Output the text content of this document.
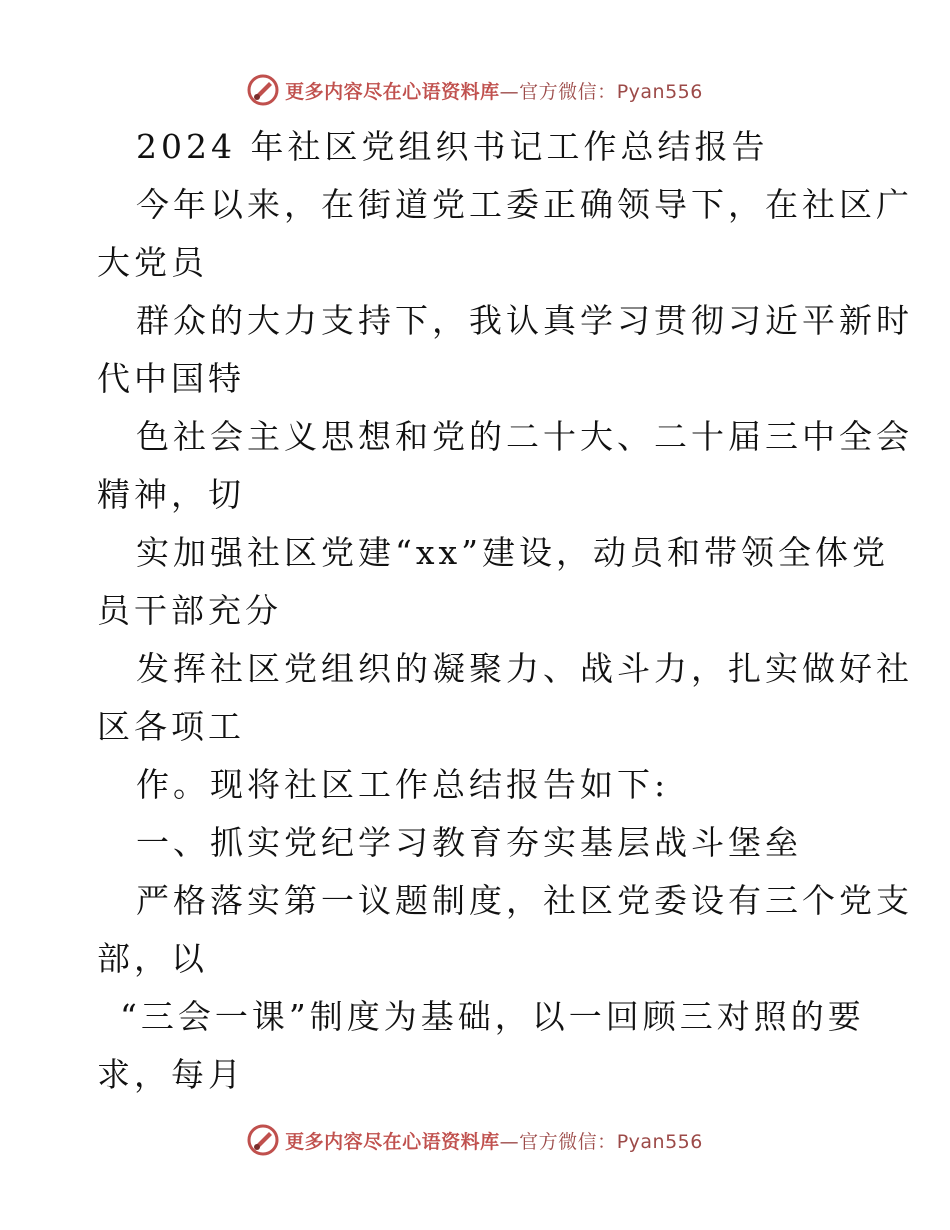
更多内容尽在心语资料库—官方微信：Pyan556
2024 年社区党组织书记工作总结报告
今年以来，在街道党工委正确领导下，在社区广
大党员
群众的大力支持下，我认真学习贯彻习近平新时
代中国特
色社会主义思想和党的二十大、二十届三中全会
精神，切
实加强社区党建“xx”建设，动员和带领全体党
员干部充分
发挥社区党组织的凝聚力、战斗力，扎实做好社
区各项工
作。现将社区工作总结报告如下:
一、抓实党纪学习教育夯实基层战斗堡垒
严格落实第一议题制度，社区党委设有三个党支
部，以
“三会一课”制度为基础，以一回顾三对照的要
求，每月
更多内容尽在心语资料库—官方微信：Pyan556
